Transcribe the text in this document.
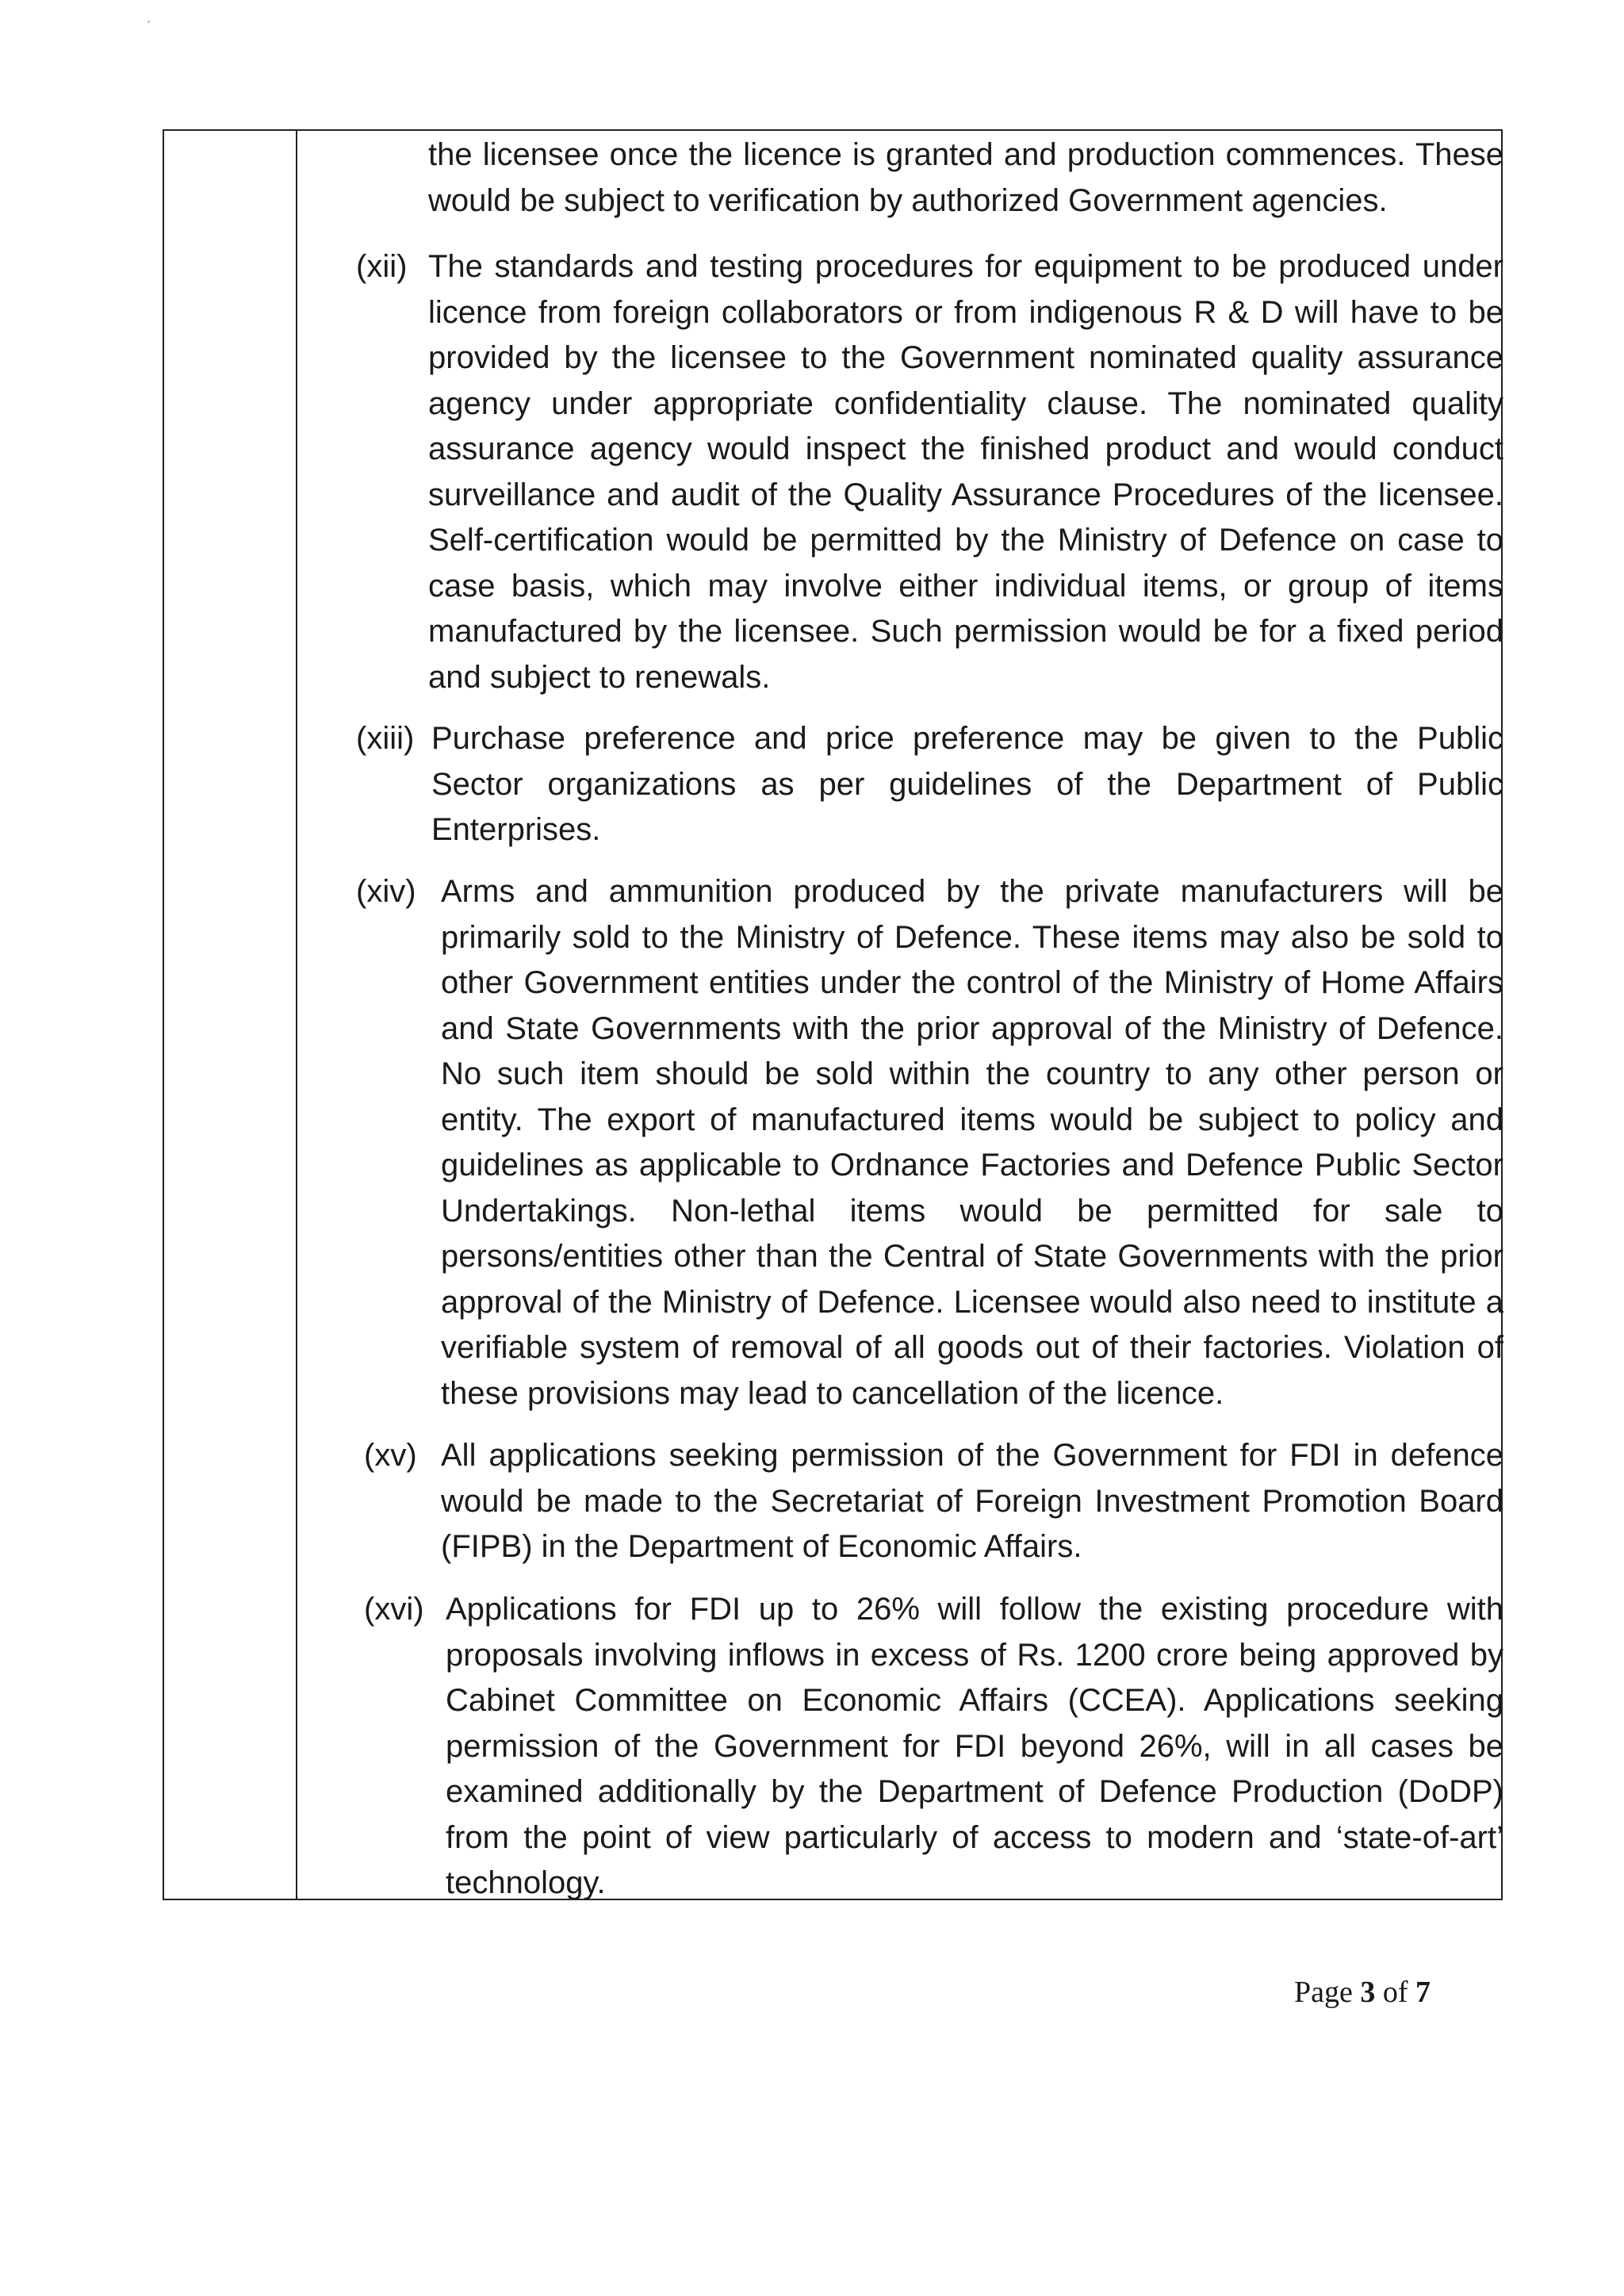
the licensee once the licence is granted and production commences. These would be subject to verification by authorized Government agencies.
(xii) The standards and testing procedures for equipment to be produced under licence from foreign collaborators or from indigenous R & D will have to be provided by the licensee to the Government nominated quality assurance agency under appropriate confidentiality clause. The nominated quality assurance agency would inspect the finished product and would conduct surveillance and audit of the Quality Assurance Procedures of the licensee. Self-certification would be permitted by the Ministry of Defence on case to case basis, which may involve either individual items, or group of items manufactured by the licensee. Such permission would be for a fixed period and subject to renewals.
(xiii) Purchase preference and price preference may be given to the Public Sector organizations as per guidelines of the Department of Public Enterprises.
(xiv) Arms and ammunition produced by the private manufacturers will be primarily sold to the Ministry of Defence. These items may also be sold to other Government entities under the control of the Ministry of Home Affairs and State Governments with the prior approval of the Ministry of Defence. No such item should be sold within the country to any other person or entity. The export of manufactured items would be subject to policy and guidelines as applicable to Ordnance Factories and Defence Public Sector Undertakings. Non-lethal items would be permitted for sale to persons/entities other than the Central of State Governments with the prior approval of the Ministry of Defence. Licensee would also need to institute a verifiable system of removal of all goods out of their factories. Violation of these provisions may lead to cancellation of the licence.
(xv) All applications seeking permission of the Government for FDI in defence would be made to the Secretariat of Foreign Investment Promotion Board (FIPB) in the Department of Economic Affairs.
(xvi) Applications for FDI up to 26% will follow the existing procedure with proposals involving inflows in excess of Rs. 1200 crore being approved by Cabinet Committee on Economic Affairs (CCEA). Applications seeking permission of the Government for FDI beyond 26%, will in all cases be examined additionally by the Department of Defence Production (DoDP) from the point of view particularly of access to modern and ‘state-of-art’ technology.
Page 3 of 7
